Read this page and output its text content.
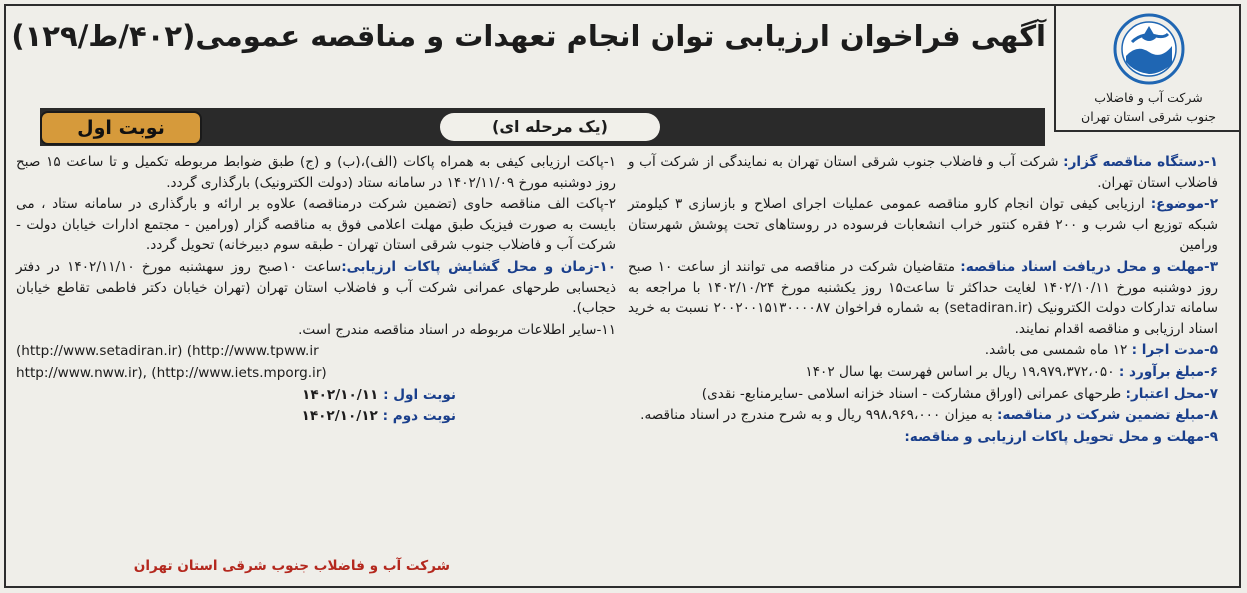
شرکت آب و فاضلاب
جنوب شرقی استان تهران
آگهی فراخوان ارزیابی توان انجام تعهدات و مناقصه عمومی(۴۰۲/ط/۱۲۹)
(یک مرحله ای)
نوبت اول
۱-دستگاه مناقصه گزار: شرکت آب و فاضلاب جنوب شرقی استان تهران به نمایندگی از شرکت آب و فاضلاب استان تهران.
۲-موضوع: ارزیابی کیفی توان انجام کارو مناقصه عمومی عملیات اجرای اصلاح و بازسازی ۳ کیلومتر شبکه توزیع اب شرب و ۲۰۰ فقره کنتور خراب انشعابات فرسوده در روستاهای تحت پوشش شهرستان ورامین
۳-مهلت و محل دریافت اسناد مناقصه: متقاضیان شرکت در مناقصه می توانند از ساعت ۱۰ صبح روز دوشنبه مورخ ۱۴۰۲/۱۰/۱۱ لغایت حداکثر تا ساعت۱۵ روز یکشنبه مورخ ۱۴۰۲/۱۰/۲۴ با مراجعه به سامانه تدارکات دولت الکترونیک (setadiran.ir) به شماره فراخوان ۲۰۰۲۰۰۱۵۱۳۰۰۰۰۸۷ نسبت به خرید اسناد ارزیابی و مناقصه اقدام نمایند.
۵-مدت اجرا : ۱۲ ماه شمسی می باشد.
۶-مبلغ برآورد : ۱۹،۹۷۹،۳۷۲،۰۵۰ ریال بر اساس فهرست بها سال ۱۴۰۲
۷-محل اعتبار: طرحهای عمرانی (اوراق مشارکت - اسناد خزانه اسلامی -سایرمنابع- نقدی)
۸-مبلغ تضمین شرکت در مناقصه: به میزان ۹۹۸،۹۶۹،۰۰۰ ریال و به شرح مندرج در اسناد مناقصه.
۹-مهلت و محل تحویل پاکات ارزیابی و مناقصه:
۱-پاکت ارزیابی کیفی به همراه پاکات (الف)،(ب) و (ج) طبق ضوابط مربوطه تکمیل و تا ساعت ۱۵ صبح روز دوشنبه مورخ ۱۴۰۲/۱۱/۰۹ در سامانه ستاد (دولت الکترونیک) بارگذاری گردد.
۲-پاکت الف مناقصه حاوی (تضمین شرکت درمناقصه) علاوه بر ارائه و بارگذاری در سامانه ستاد ، می بایست به صورت فیزیک طبق مهلت اعلامی فوق به مناقصه گزار (ورامین - مجتمع ادارات خیابان دولت - شرکت آب و فاضلاب جنوب شرقی استان تهران - طبقه سوم دبیرخانه) تحویل گردد.
۱۰-زمان و محل گشایش پاکات ارزیابی:ساعت ۱۰صبح روز سهشنبه مورخ ۱۴۰۲/۱۱/۱۰ در دفتر ذیحسابی طرحهای عمرانی شرکت آب و فاضلاب استان تهران (تهران خیابان دکتر فاطمی تقاطع خیابان حجاب).
۱۱-سایر اطلاعات مربوطه در اسناد مناقصه مندرج است.
(http://www.setadiran.ir) (http://www.tpww.ir
http://www.nww.ir), (http://www.iets.mporg.ir)
نوبت اول : ۱۴۰۲/۱۰/۱۱
نوبت دوم : ۱۴۰۲/۱۰/۱۲
شرکت آب و فاضلاب جنوب شرقی استان تهران
